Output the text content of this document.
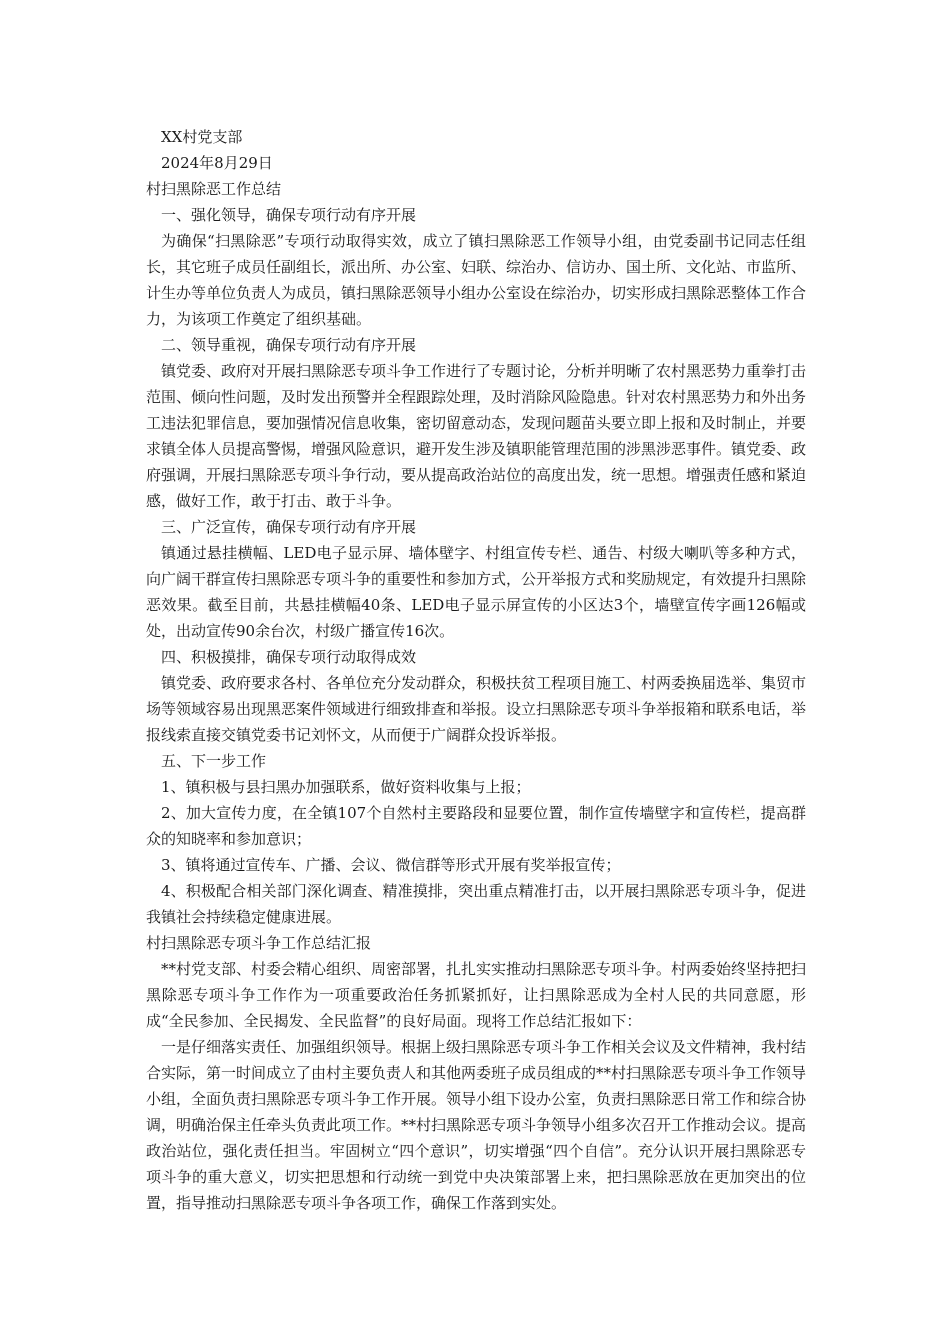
XX村党支部

2024年8月29日

村扫黑除恶工作总结

一、强化领导，确保专项行动有序开展

为确保“扫黑除恶”专项行动取得实效，成立了镇扫黑除恶工作领导小组，由党委副书记同志任组长，其它班子成员任副组长，派出所、办公室、妇联、综治办、信访办、国土所、文化站、市监所、计生办等单位负责人为成员，镇扫黑除恶领导小组办公室设在综治办，切实形成扫黑除恶整体工作合力，为该项工作奠定了组织基础。

二、领导重视，确保专项行动有序开展

镇党委、政府对开展扫黑除恶专项斗争工作进行了专题讨论，分析并明晰了农村黑恶势力重拳打击范围、倾向性问题，及时发出预警并全程跟踪处理，及时消除风险隐患。针对农村黑恶势力和外出务工违法犯罪信息，要加强情况信息收集，密切留意动态，发现问题苗头要立即上报和及时制止，并要求镇全体人员提高警惕，增强风险意识，避开发生涉及镇职能管理范围的涉黑涉恶事件。镇党委、政府强调，开展扫黑除恶专项斗争行动，要从提高政治站位的高度出发，统一思想。增强责任感和紧迫感，做好工作，敢于打击、敢于斗争。

三、广泛宣传，确保专项行动有序开展

镇通过悬挂横幅、LED电子显示屏、墙体壁字、村组宣传专栏、通告、村级大喇叭等多种方式，向广阔干群宣传扫黑除恶专项斗争的重要性和参加方式，公开举报方式和奖励规定，有效提升扫黑除恶效果。截至目前，共悬挂横幅40条、LED电子显示屏宣传的小区达3个，墙壁宣传字画126幅或处，出动宣传90余台次，村级广播宣传16次。

四、积极摸排，确保专项行动取得成效

镇党委、政府要求各村、各单位充分发动群众，积极扶贫工程项目施工、村两委换届选举、集贸市场等领域容易出现黑恶案件领域进行细致排查和举报。设立扫黑除恶专项斗争举报箱和联系电话，举报线索直接交镇党委书记刘怀文，从而便于广阔群众投诉举报。

五、下一步工作

1、镇积极与县扫黑办加强联系，做好资料收集与上报；

2、加大宣传力度，在全镇107个自然村主要路段和显要位置，制作宣传墙壁字和宣传栏，提高群众的知晓率和参加意识；

3、镇将通过宣传车、广播、会议、微信群等形式开展有奖举报宣传；

4、积极配合相关部门深化调查、精准摸排，突出重点精准打击，以开展扫黑除恶专项斗争，促进我镇社会持续稳定健康进展。

村扫黑除恶专项斗争工作总结汇报

**村党支部、村委会精心组织、周密部署，扎扎实实推动扫黑除恶专项斗争。村两委始终坚持把扫黑除恶专项斗争工作作为一项重要政治任务抓紧抓好，让扫黑除恶成为全村人民的共同意愿，形成“全民参加、全民揭发、全民监督”的良好局面。现将工作总结汇报如下：

一是仔细落实责任、加强组织领导。根据上级扫黑除恶专项斗争工作相关会议及文件精神，我村结合实际，第一时间成立了由村主要负责人和其他两委班子成员组成的**村扫黑除恶专项斗争工作领导小组，全面负责扫黑除恶专项斗争工作开展。领导小组下设办公室，负责扫黑除恶日常工作和综合协调，明确治保主任牵头负责此项工作。**村扫黑除恶专项斗争领导小组多次召开工作推动会议。提高政治站位，强化责任担当。牢固树立“四个意识”，切实增强“四个自信”。充分认识开展扫黑除恶专项斗争的重大意义，切实把思想和行动统一到党中央决策部署上来，把扫黑除恶放在更加突出的位置，指导推动扫黑除恶专项斗争各项工作，确保工作落到实处。
